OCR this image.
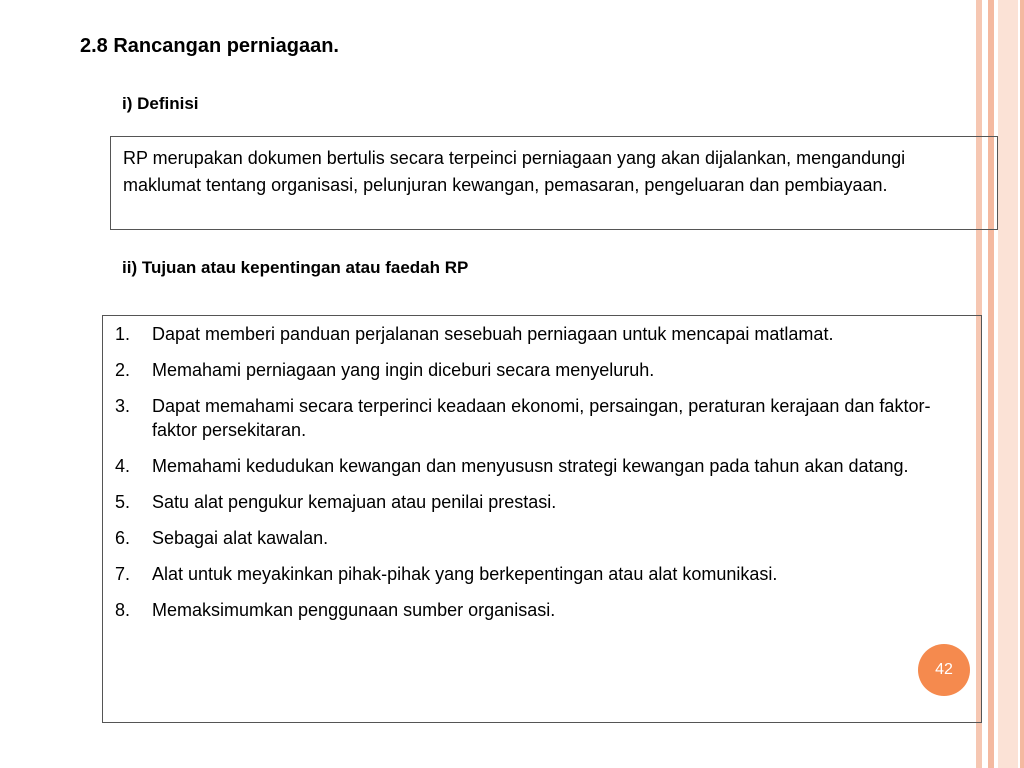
2.8 Rancangan perniagaan.
i) Definisi
RP merupakan dokumen bertulis secara terpeinci perniagaan yang akan dijalankan, mengandungi maklumat tentang organisasi, pelunjuran kewangan, pemasaran, pengeluaran dan pembiayaan.
ii) Tujuan atau kepentingan atau faedah RP
1. Dapat memberi panduan perjalanan sesebuah perniagaan untuk mencapai matlamat.
2. Memahami perniagaan yang ingin diceburi secara menyeluruh.
3. Dapat memahami secara terperinci keadaan ekonomi, persaingan, peraturan kerajaan dan faktor-faktor persekitaran.
4. Memahami kedudukan kewangan dan menyususn strategi kewangan pada tahun akan datang.
5. Satu alat pengukur kemajuan atau penilai prestasi.
6. Sebagai alat kawalan.
7. Alat untuk meyakinkan pihak-pihak yang berkepentingan atau alat komunikasi.
8. Memaksimumkan penggunaan sumber organisasi.
42
